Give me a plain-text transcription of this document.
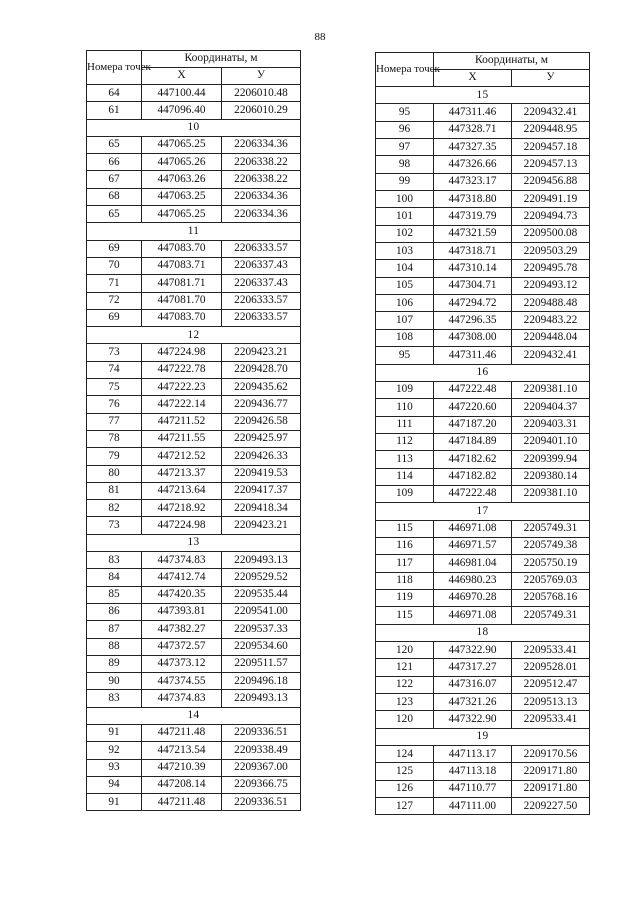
88
Номера точек	Координаты, м	
	X	У
64	447100.44	2206010.48
61	447096.40	2206010.29
10		
65	447065.25	2206334.36
66	447065.26	2206338.22
67	447063.26	2206338.22
68	447063.25	2206334.36
65	447065.25	2206334.36
11		
69	447083.70	2206333.57
70	447083.71	2206337.43
71	447081.71	2206337.43
72	447081.70	2206333.57
69	447083.70	2206333.57
12		
73	447224.98	2209423.21
74	447222.78	2209428.70
75	447222.23	2209435.62
76	447222.14	2209436.77
77	447211.52	2209426.58
78	447211.55	2209425.97
79	447212.52	2209426.33
80	447213.37	2209419.53
81	447213.64	2209417.37
82	447218.92	2209418.34
73	447224.98	2209423.21
13		
83	447374.83	2209493.13
84	447412.74	2209529.52
85	447420.35	2209535.44
86	447393.81	2209541.00
87	447382.27	2209537.33
88	447372.57	2209534.60
89	447373.12	2209511.57
90	447374.55	2209496.18
83	447374.83	2209493.13
14		
91	447211.48	2209336.51
92	447213.54	2209338.49
93	447210.39	2209367.00
94	447208.14	2209366.75
91	447211.48	2209336.51
Номера точек	Координаты, м	
	X	У
15		
95	447311.46	2209432.41
96	447328.71	2209448.95
97	447327.35	2209457.18
98	447326.66	2209457.13
99	447323.17	2209456.88
100	447318.80	2209491.19
101	447319.79	2209494.73
102	447321.59	2209500.08
103	447318.71	2209503.29
104	447310.14	2209495.78
105	447304.71	2209493.12
106	447294.72	2209488.48
107	447296.35	2209483.22
108	447308.00	2209448.04
95	447311.46	2209432.41
16		
109	447222.48	2209381.10
110	447220.60	2209404.37
111	447187.20	2209403.31
112	447184.89	2209401.10
113	447182.62	2209399.94
114	447182.82	2209380.14
109	447222.48	2209381.10
17		
115	446971.08	2205749.31
116	446971.57	2205749.38
117	446981.04	2205750.19
118	446980.23	2205769.03
119	446970.28	2205768.16
115	446971.08	2205749.31
18		
120	447322.90	2209533.41
121	447317.27	2209528.01
122	447316.07	2209512.47
123	447321.26	2209513.13
120	447322.90	2209533.41
19		
124	447113.17	2209170.56
125	447113.18	2209171.80
126	447110.77	2209171.80
127	447111.00	2209227.50
